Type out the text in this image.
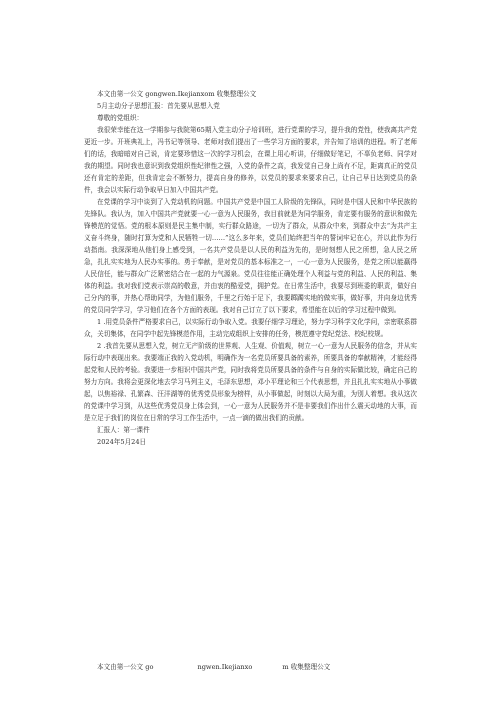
本文由第一公文 gongwen.Ikejianxom 收集整理公文
5月主动分子思想汇报：首先要从思想入党
尊敬的党组织：

我很荣幸能在这一学期参与我院第65期入党主动分子培训班，进行党课的学习，提升我的党性，使我离共产党更近一步。开班典礼上，冯书记等领导、老师对我们提出了一些学习方面的要求，并告知了培训的进程。听了老师们的话，我暗暗对自己说，肯定要珍惜这一次的学习机会，在课上用心听讲，仔细做好笔记，不辜负老师、同学对我的期望。同时我也意识到我党组织性纪律性之强，入党的条件之高，我发觉自己身上尚有不足，距离真正的党员还有肯定的差距，但我肯定会不断努力，提高自身的修养，以党员的要求来要求自己，让自己早日达到党员的条件，我会以实际行动争取早日加入中国共产党。

在党课的学习中谈到了入党动机的问题。中国共产党是中国工人阶级的先锋队，同时是中国人民和中华民族的先锋队。我认为，加入中国共产党就要一心一意为人民服务，我目前就是为同学服务，肯定要有服务的意识和做先锋模范的觉悟。党的根本原则是民主集中制，实行群众路途，一切为了群众，从群众中来，到群众中去“为共产主义奋斗终身，随时打算为党和人民牺牲一切……”这么多年来，党员们始终把当年的誓词牢记在心，并以此作为行动指南。我深深地从他们身上感受到，一名共产党员是以人民的利益为先的，是时刻想人民之所想，急人民之所急，扎扎实实地为人民办实事的。勇于奉献，是对党员的基本标准之一，一心一意为人民服务，是党之所以能赢得人民信任，能与群众广泛紧密结合在一起的力气源泉。党员往往能正确处理个人利益与党的利益、人民的利益、集体的利益。我对我们党表示崇高的敬意，并由衷的酷爱党，拥护党。在日常生活中，我要尽到班委的职责，做好自己分内的事，并热心帮助同学，为他们服务，千里之行始于足下，我要踯躅实地的做实事，做好事，并向身边优秀的党员同学学习，学习他们在各个方面的表现。我对自己订立了以下要求，希望能在以后的学习过程中做到。

1 .用党员条件严格要求自己，以实际行动争取入党。我要仔细学习理论，努力学习科学文化学问，亲密联系群众，关切集体，在同学中起先锋模范作用，主动完成组织上安排的任务，模范遵守党纪党法、校纪校规。

2 .我首先要从思想入党，树立无产阶级的世界观、人生观、价值观，树立一心一意为人民服务的信念，并从实际行动中表现出来。我要端正我的入党动机，明确作为一名党员所要具备的素养，所要具备的奉献精神，才能经得起党和人民的考验。我要进一步相识中国共产党，同时我将党员所要具备的条件与自身的实际做比较，确定自己的努力方向。我将会更深化地去学习马列主义，毛泽东思想，邓小平理论和三个代表思想，并且扎扎实实地从小事做起，以焦裕禄、孔繁森、汪洋湖等的优秀党员形象为榜样，从小事做起，时刻以大局为重，为别人着想。我从这次的党课中学习到，从这些优秀党员身上体会到，一心一意为人民服务并不是非要我们作出什么震天动地的大事，而是立足于我们的岗位在日常的学习工作生活中，一点一滴的做出我们的贡献。

汇报人：第一课件
2024年5月24日
本文由第一公文 go	ngwen.Ikejianxo	m 收集整理公文
